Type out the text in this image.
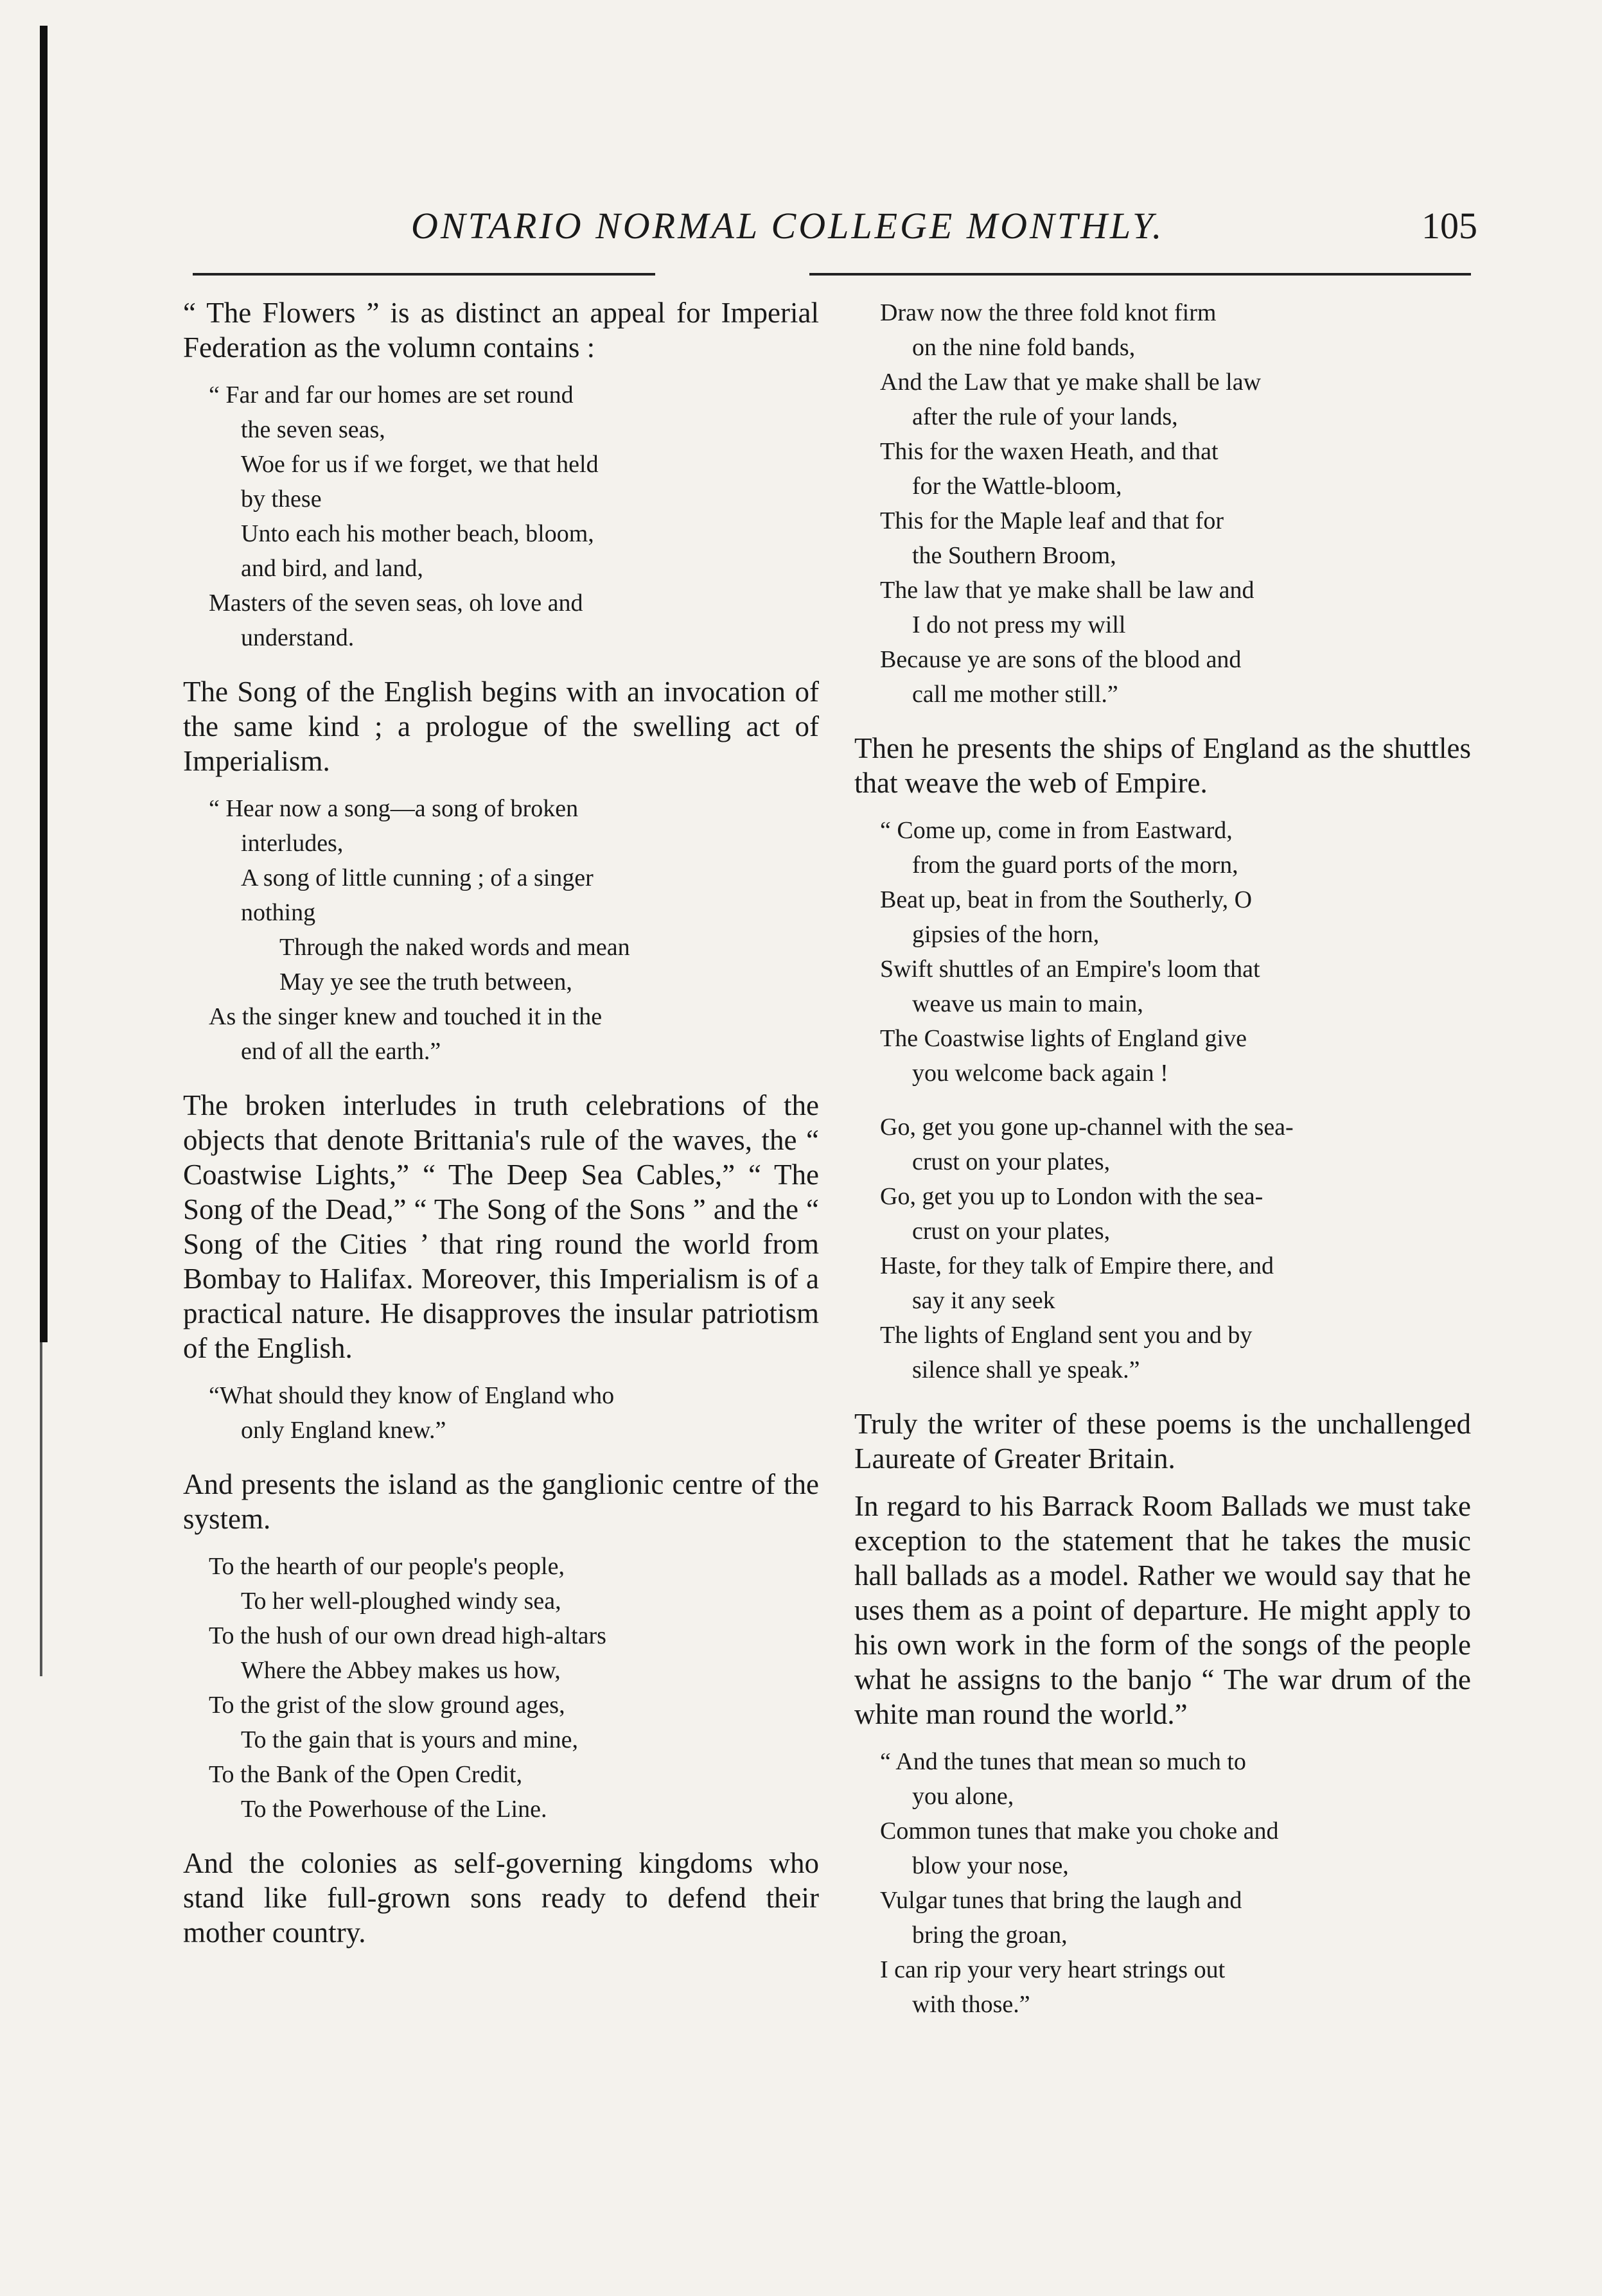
ONTARIO NORMAL COLLEGE MONTHLY.	105

“ The Flowers ” is as distinct an appeal for Imperial Federation as the volumn contains :

“ Far and far our homes are set round
the seven seas,
Woe for us if we forget, we that held
by these
Unto each his mother beach, bloom,
and bird, and land,
Masters of the seven seas, oh love and
understand.

The Song of the English begins with an invocation of the same kind ; a prologue of the swelling act of Imperialism.

“ Hear now a song—a song of broken
interludes,
A song of little cunning ; of a singer
nothing
Through the naked words and mean
May ye see the truth between,
As the singer knew and touched it in the
end of all the earth.”

The broken interludes in truth celebrations of the objects that denote Brittania's rule of the waves, the “ Coastwise Lights,” “ The Deep Sea Cables,” “ The Song of the Dead,” “ The Song of the Sons ” and the “ Song of the Cities ’ that ring round the world from Bombay to Halifax. Moreover, this Imperialism is of a practical nature. He disapproves the insular patriotism of the English.

“What should they know of England who
only England knew.”

And presents the island as the ganglionic centre of the system.

To the hearth of our people's people,
To her well-ploughed windy sea,
To the hush of our own dread high-altars
Where the Abbey makes us how,
To the grist of the slow ground ages,
To the gain that is yours and mine,
To the Bank of the Open Credit,
To the Powerhouse of the Line.

And the colonies as self-governing kingdoms who stand like full-grown sons ready to defend their mother country.

Draw now the three fold knot firm
on the nine fold bands,
And the Law that ye make shall be law
after the rule of your lands,
This for the waxen Heath, and that
for the Wattle-bloom,
This for the Maple leaf and that for
the Southern Broom,
The law that ye make shall be law and
I do not press my will
Because ye are sons of the blood and
call me mother still.”

Then he presents the ships of England as the shuttles that weave the web of Empire.

“ Come up, come in from Eastward,
from the guard ports of the morn,
Beat up, beat in from the Southerly, O
gipsies of the horn,
Swift shuttles of an Empire's loom that
weave us main to main,
The Coastwise lights of England give
you welcome back again !
Go, get you gone up-channel with the sea-
crust on your plates,
Go, get you up to London with the sea-
crust on your plates,
Haste, for they talk of Empire there, and
say it any seek
The lights of England sent you and by
silence shall ye speak.”

Truly the writer of these poems is the unchallenged Laureate of Greater Britain.

In regard to his Barrack Room Ballads we must take exception to the statement that he takes the music hall ballads as a model. Rather we would say that he uses them as a point of departure. He might apply to his own work in the form of the songs of the people what he assigns to the banjo “ The war drum of the white man round the world.”

“ And the tunes that mean so much to
you alone,
Common tunes that make you choke and
blow your nose,
Vulgar tunes that bring the laugh and
bring the groan,
I can rip your very heart strings out
with those.”
